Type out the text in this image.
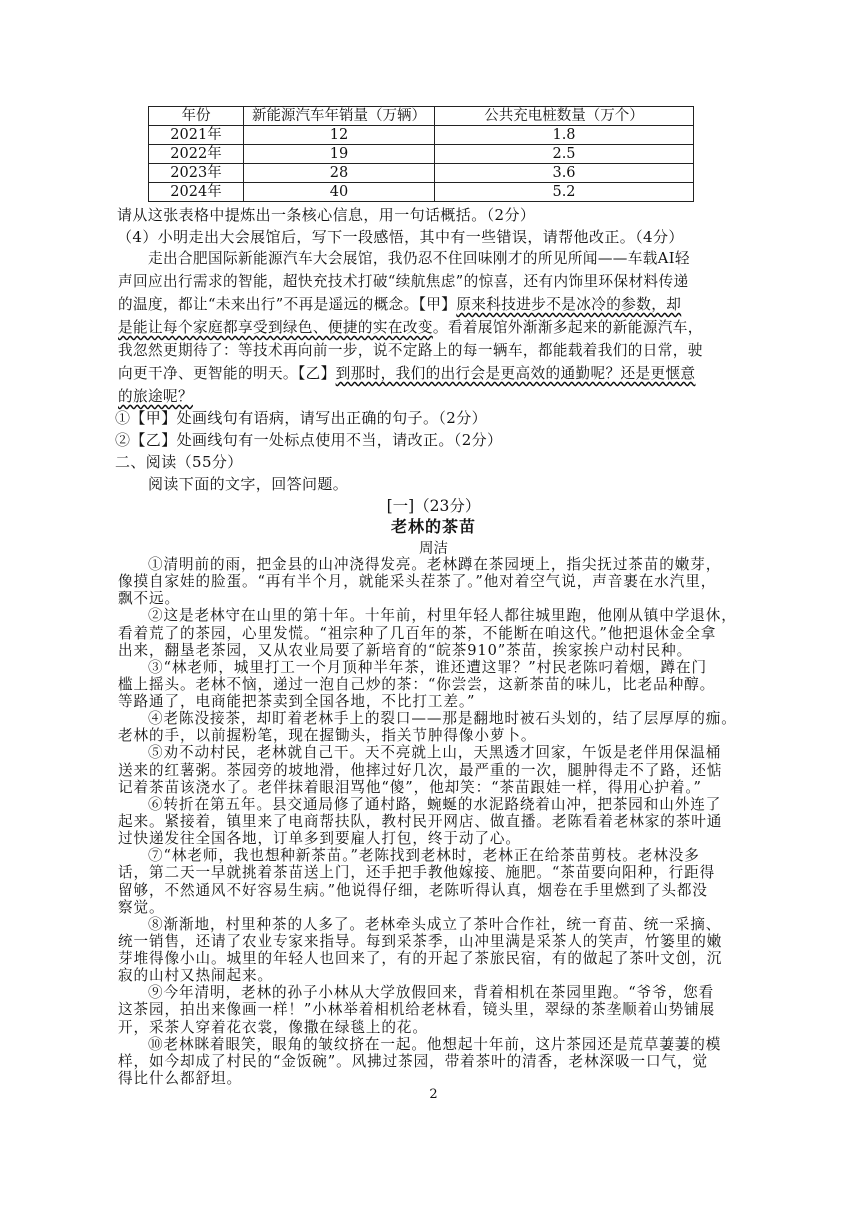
年份	新能源汽车年销量（万辆）	公共充电桩数量（万个）
2021年	12	1.8
2022年	19	2.5
2023年	28	3.6
2024年	40	5.2
请从这张表格中提炼出一条核心信息，用一句话概括。（2分）
（4）小明走出大会展馆后，写下一段感悟，其中有一些错误，请帮他改正。（4分）
走出合肥国际新能源汽车大会展馆，我仍忍不住回味刚才的所见所闻——车载AI轻
声回应出行需求的智能，超快充技术打破“续航焦虑”的惊喜，还有内饰里环保材料传递
的温度，都让“未来出行”不再是遥远的概念。【甲】原来科技进步不是冰冷的参数，却
是能让每个家庭都享受到绿色、便捷的实在改变。看着展馆外渐渐多起来的新能源汽车，
我忽然更期待了：等技术再向前一步，说不定路上的每一辆车，都能载着我们的日常，驶
向更干净、更智能的明天。【乙】到那时，我们的出行会是更高效的通勤呢？还是更惬意
的旅途呢？
①【甲】处画线句有语病，请写出正确的句子。（2分）
②【乙】处画线句有一处标点使用不当，请改正。（2分）
二、阅读（55分）
阅读下面的文字，回答问题。
[一]（23分）
老林的茶苗
周洁
①清明前的雨，把金县的山冲浇得发亮。老林蹲在茶园埂上，指尖抚过茶苗的嫩芽，
像摸自家娃的脸蛋。“再有半个月，就能采头茬茶了。”他对着空气说，声音裹在水汽里，
飘不远。
②这是老林守在山里的第十年。十年前，村里年轻人都往城里跑，他刚从镇中学退休，
看着荒了的茶园，心里发慌。“祖宗种了几百年的茶，不能断在咱这代。”他把退休金全拿
出来，翻垦老茶园，又从农业局要了新培育的“皖茶910”茶苗，挨家挨户动村民种。
③“林老师，城里打工一个月顶种半年茶，谁还遭这罪？”村民老陈叼着烟，蹲在门
槛上摇头。老林不恼，递过一泡自己炒的茶：“你尝尝，这新茶苗的味儿，比老品种醇。
等路通了，电商能把茶卖到全国各地，不比打工差。”
④老陈没接茶，却盯着老林手上的裂口——那是翻地时被石头划的，结了层厚厚的痂。
老林的手，以前握粉笔，现在握锄头，指关节肿得像小萝卜。
⑤劝不动村民，老林就自己干。天不亮就上山，天黑透才回家，午饭是老伴用保温桶
送来的红薯粥。茶园旁的坡地滑，他摔过好几次，最严重的一次，腿肿得走不了路，还惦
记着茶苗该浇水了。老伴抹着眼泪骂他“傻”，他却笑：“茶苗跟娃一样，得用心护着。”
⑥转折在第五年。县交通局修了通村路，蜿蜒的水泥路绕着山冲，把茶园和山外连了
起来。紧接着，镇里来了电商帮扶队，教村民开网店、做直播。老陈看着老林家的茶叶通
过快递发往全国各地，订单多到要雇人打包，终于动了心。
⑦“林老师，我也想种新茶苗。”老陈找到老林时，老林正在给茶苗剪枝。老林没多
话，第二天一早就挑着茶苗送上门，还手把手教他嫁接、施肥。“茶苗要向阳种，行距得
留够，不然通风不好容易生病。”他说得仔细，老陈听得认真，烟卷在手里燃到了头都没
察觉。
⑧渐渐地，村里种茶的人多了。老林牵头成立了茶叶合作社，统一育苗、统一采摘、
统一销售，还请了农业专家来指导。每到采茶季，山冲里满是采茶人的笑声，竹篓里的嫩
芽堆得像小山。城里的年轻人也回来了，有的开起了茶旅民宿，有的做起了茶叶文创，沉
寂的山村又热闹起来。
⑨今年清明，老林的孙子小林从大学放假回来，背着相机在茶园里跑。“爷爷，您看
这茶园，拍出来像画一样！”小林举着相机给老林看，镜头里，翠绿的茶垄顺着山势铺展
开，采茶人穿着花衣裳，像撒在绿毯上的花。
⑩老林眯着眼笑，眼角的皱纹挤在一起。他想起十年前，这片茶园还是荒草萋萋的模
样，如今却成了村民的“金饭碗”。风拂过茶园，带着茶叶的清香，老林深吸一口气，觉
得比什么都舒坦。
2
